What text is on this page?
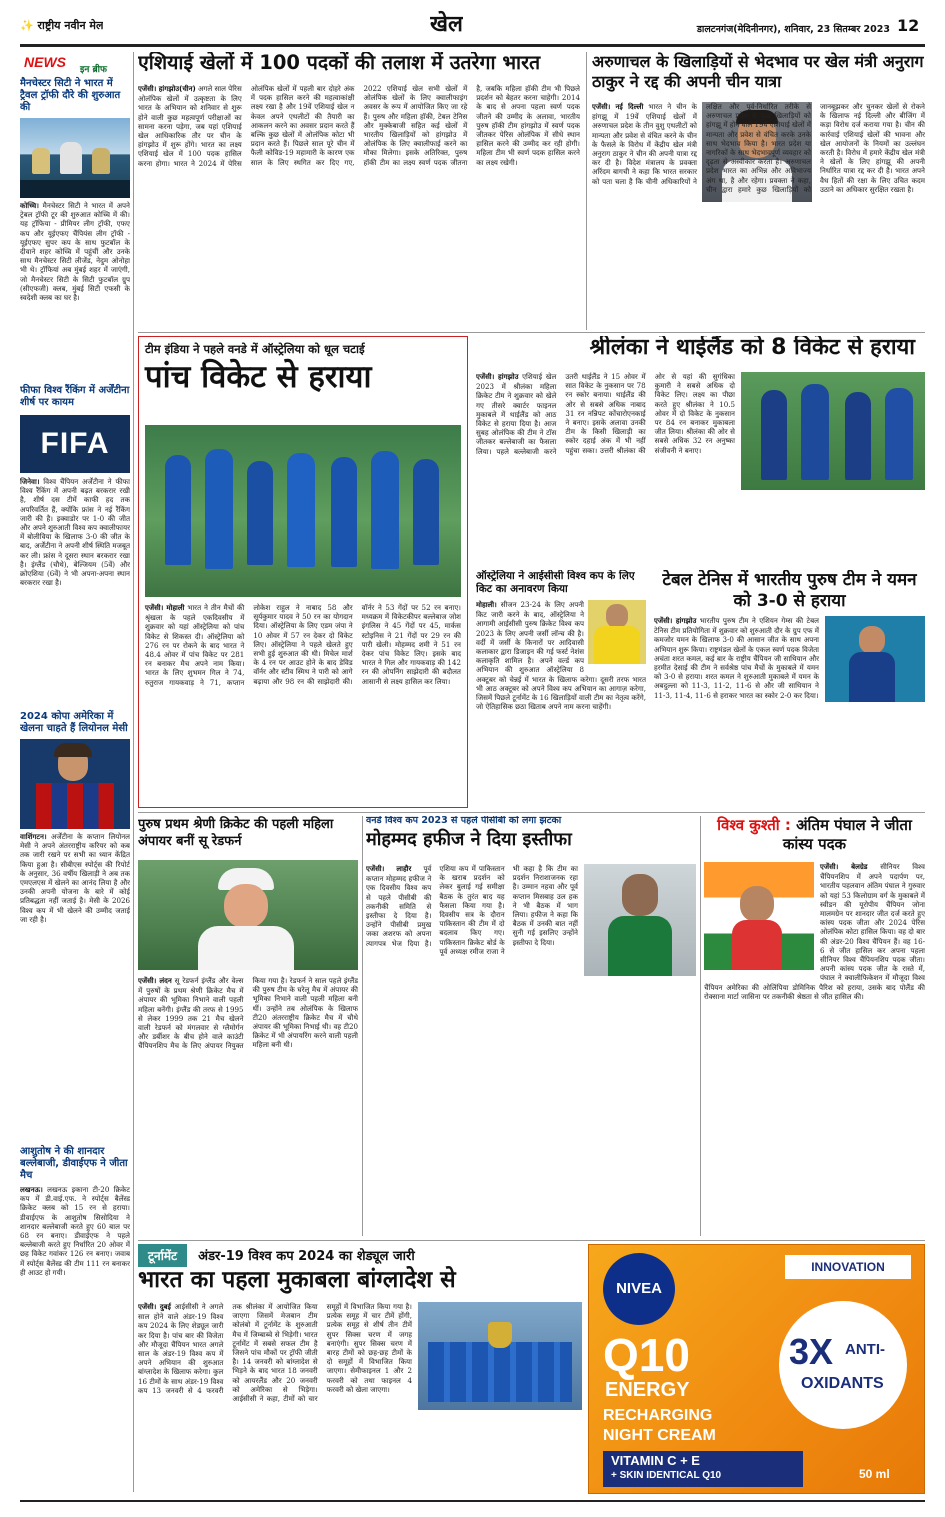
✨ राष्ट्रीय नवीन मेल	खेल	डालटनगंज(मेदिनीनगर), शनिवार, 23 सितम्बर 2023 12
NEWS इन ब्रीफ
मैनचेस्टर सिटी ने भारत में ट्रैवल ट्रॉफी दौरे की शुरुआत की
कोच्चि। मैनचेस्टर सिटी ने भारत में अपने ट्रेबल ट्रॉफी टूर की शुरुआत कोच्चि में की। यह ट्रॉफिया - प्रीमियर लीग ट्रॉफी, एफए कप और यूईएफए चैंपियंस लीग ट्रॉफी - यूईएफए सुपर कप के साथ फुटबॉल के दीवाने शहर कोच्चि में पहुंचीं और उनके साथ मैनचेस्टर सिटी लीजेंड, नेदुम ओनोहा भी थे। ट्रॉफियां अब मुंबई शहर में जाएंगी, जो मैनचेस्टर सिटी के सिटी फुटबॉल ग्रुप (सीएफजी) क्लब, मुंबई सिटी एफसी के स्वदेशी क्लब का घर है।
फीफा विश्व रैंकिंग में अर्जेंटीना शीर्ष पर कायम
FIFA
जिनेवा। विश्व चैंपियन अर्जेंटीना ने फीफा विश्व रैंकिंग में अपनी बढ़त बरकरार रखी है, शीर्ष दस टीमें काफी हद तक अपरिवर्तित हैं, क्योंकि फ्रांस ने नई रैंकिंग जारी की है। इक्वाडोर पर 1-0 की जीत और अपने शुरुआती विश्व कप क्वालीफायर में बोलीविया के खिलाफ 3-0 की जीत के बाद, अर्जेंटीना ने अपनी शीर्ष स्थिति मजबूत कर ली। फ्रांस ने दूसरा स्थान बरकरार रखा है। इंग्लैंड (चौथे), बेल्जियम (5वें) और क्रोएशिया (6वें) ने भी अपना-अपना स्थान बरकरार रखा है।
2024 कोपा अमेरिका में खेलना चाहते हैं लियोनल मेसी
वाशिंगटन। अर्जेंटीना के कप्तान लियोनल मेसी ने अपने अंतरराष्ट्रीय करियर को कब तक जारी रखने पर सभी का ध्यान केंद्रित किया हुआ है। सीबीएस स्पोर्ट्स की रिपोर्ट के अनुसार, 36 वर्षीय खिलाड़ी ने अब तक एमएलएस में खेलने का आनंद लिया है और उनकी अपनी योजना के बारे में कोई प्रतिबद्धता नहीं जताई है। मेसी के 2026 विश्व कप में भी खेलने की उम्मीद जताई जा रही है।
आशुतोष ने की शानदार बल्लेबाजी, डीवाईएफ ने जीता मैच
लखनऊ। लखनऊ इकाना टी-20 क्रिकेट कप में डी.वाई.एफ. ने स्पोर्ट्स बैलेंस्ड क्रिकेट क्लब को 15 रन से हराया। डीवाईएफ के आशुतोष सिसोदिया ने शानदार बल्लेबाजी करते हुए 60 बाल पर 68 रन बनाए। डीवाईएफ ने पहले बल्लेबाजी करते हुए निर्धारित 20 ओवर में छह विकेट गवांकर 126 रन बनाए। जवाब में स्पोर्ट्स बैलेंस्ड की टीम 111 रन बनाकर ही आउट हो गयी।
एशियाई खेलों में 100 पदकों की तलाश में उतरेगा भारत
एजेंसी। हांगझोउ(चीन) अगले साल पेरिस ओलंपिक खेलों में उत्कृष्टता के लिए भारत के अभियान को शनिवार से शुरू होने वाली कुछ महत्वपूर्ण परीक्षाओं का सामना करना पड़ेगा, जब यहां एशियाई खेल आधिकारिक तौर पर चीन के हांगझोउ में शुरू होंगे। भारत का लक्ष्य एशियाई खेल में 100 पदक हासिल करना होगा। भारत ने 2024 में पेरिस ओलंपिक खेलों में पहली बार दोहरे अंक में पदक हासिल करने की महत्वाकांक्षी लक्ष्य रखा है और 19वें एशियाई खेल न केवल अपने एथलीटों की तैयारी का आकलन करने का अवसर प्रदान करते हैं बल्कि कुछ खेलों में ओलंपिक कोटा भी प्रदान करते हैं। पिछले साल पूरे चीन में फैली कोविड-19 महामारी के कारण एक साल के लिए स्थगित कर दिए गए, 2022 एशियाई खेल सभी खेलों में ओलंपिक खेलों के लिए क्वालीफाइंग अवसर के रूप में आयोजित किए जा रहे हैं। पुरुष और महिला हॉकी, टेबल टेनिस और मुक्केबाजी सहित कई खेलों में भारतीय खिलाड़ियों को हांगझोउ में ओलंपिक के लिए क्वालीफाई करने का मौका मिलेगा। इसके अतिरिक्त, पुरुष हॉकी टीम का लक्ष्य स्वर्ण पदक जीतना है, जबकि महिला हॉकी टीम भी पिछले प्रदर्शन को बेहतर करना चाहेगी। 2014 के बाद से अपना पहला स्वर्ण पदक जीतने की उम्मीद के अलावा, भारतीय पुरुष हॉकी टीम हांगझोउ में स्वर्ण पदक जीतकर पेरिस ओलंपिक में सीधे स्थान हासिल करने की उम्मीद कर रही होगी। महिला टीम भी स्वर्ण पदक हासिल करने का लक्ष्य रखेगी।
अरुणाचल के खिलाड़ियों से भेदभाव पर खेल मंत्री अनुराग ठाकुर ने रद्द की अपनी चीन यात्रा
एजेंसी। नई दिल्ली भारत ने चीन के हांगझू में 19वें एशियाई खेलों में अरुणाचल प्रदेश के तीन वुशु एथलीटों को मान्यता और प्रवेश से वंचित करने के चीन के फैसले के विरोध में केंद्रीय खेल मंत्री अनुराग ठाकुर ने चीन की अपनी यात्रा रद्द कर दी है। विदेश मंत्रालय के प्रवक्ता अरिंदम बागची ने कहा कि भारत सरकार को पता चला है कि चीनी अधिकारियों ने लक्षित और पूर्व-निर्धारित तरीके से अरुणाचल प्रदेश के कुछ खिलाड़ियों को हांगझू में होने वाले 19वें एशियाई खेलों में मान्यता और प्रवेश से वंचित करके उनके साथ भेदभाव किया है। भारत प्रदेश या नागरिकों के साथ भेदभावपूर्ण व्यवहार को दृढ़ता से अस्वीकार करता है। अरुणाचल प्रदेश भारत का अभिन्न और अविभाज्य अंग था, है और रहेगा। प्रवक्ता ने कहा, चीन द्वारा हमारे कुछ खिलाड़ियों को जानबूझकर और चुनकर खेलों से रोकने के खिलाफ नई दिल्ली और बीजिंग में कड़ा विरोध दर्ज कराया गया है। चीन की कार्रवाई एशियाई खेलों की भावना और खेल आयोजनों के नियमों का उल्लंघन करती है। विरोध में हमारे केंद्रीय खेल मंत्री ने खेलों के लिए हांगझू की अपनी निर्धारित यात्रा रद्द कर दी है। भारत अपने वैध हितों की रक्षा के लिए उचित कदम उठाने का अधिकार सुरक्षित रखता है।
टीम इंडिया ने पहले वनडे में ऑस्ट्रेलिया को धूल चटाई
पांच विकेट से हराया
एजेंसी। मोहाली भारत ने तीन मैचों की श्रृंखला के पहले एकदिवसीय में शुक्रवार को यहां ऑस्ट्रेलिया को पांच विकेट से शिकस्त दी। ऑस्ट्रेलिया को 276 रन पर रोकने के बाद भारत ने 48.4 ओवर में पांच विकेट पर 281 रन बनाकर मैच अपने नाम किया। भारत के लिए शुभमन गिल ने 74, रुतुराज गायकवाड़ ने 71, कप्तान लोकेश राहुल ने नाबाद 58 और सूर्यकुमार यादव ने 50 रन का योगदान दिया। ऑस्ट्रेलिया के लिए एडम जंपा ने 10 ओवर में 57 रन देकर दो विकेट लिए। ऑस्ट्रेलिया ने पहले खेलते हुए सभी हुई शुरुआत की थी। मिचेल मार्श के 4 रन पर आउट होने के बाद डेविड वॉर्नर और स्टीव स्मिथ ने पारी को आगे बढ़ाया और 98 रन की साझेदारी की। वॉर्नर ने 53 गेंदों पर 52 रन बनाए। मध्यक्रम में विकेटकीपर बल्लेबाज जोश इंगलिस ने 45 गेंदों पर 45, मार्कस स्टोइनिस ने 21 गेंदों पर 29 रन की पारी खेली। मोहम्मद शमी ने 51 रन देकर पांच विकेट लिए। इसके बाद भारत ने गिल और गायकवाड़ की 142 रन की ओपनिंग साझेदारी की बदौलत आसानी से लक्ष्य हासिल कर लिया।
श्रीलंका ने थाईलैंड को 8 विकेट से हराया
एजेंसी। हांगझोउ एशियाई खेल 2023 में श्रीलंका महिला क्रिकेट टीम ने शुक्रवार को खेले गए तीसरे क्वार्टर फाइनल मुकाबले में थाईलैंड को आठ विकेट से हराया दिया है। आज सुबह ओलंपिक की टीम ने टॉस जीतकर बल्लेबाजी का फैसला लिया। पहले बल्लेबाजी करने उतरी थाईलैंड ने 15 ओवर में सात विकेट के नुकसान पर 78 रन स्कोर बनाया। थाईलैंड की ओर से सबसे अधिक नाबाद 31 रन नन्निपट कोंचारोएनकाई ने बनाए। इसके अलावा उनकी टीम के किसी खिलाड़ी का स्कोर दहाई अंक में भी नहीं पहुंचा सका। उत्तरी श्रीलंका की ओर से यहां की सुगंधिका कुमारी ने सबसे अधिक दो विकेट लिए। लक्ष्य का पीछा करते हुए श्रीलंका ने 10.5 ओवर में दो विकेट के नुकसान पर 84 रन बनाकर मुकाबला जीत लिया। श्रीलंका की ओर से सबसे अधिक 32 रन अनुष्का संजीवनी ने बनाए।
ऑस्ट्रेलिया ने आईसीसी विश्व कप के लिए किट का अनावरण किया
मोहाली। सीजन 23-24 के लिए अपनी किट जारी करने के बाद, ऑस्ट्रेलिया ने आगामी आईसीसी पुरुष क्रिकेट विश्व कप 2023 के लिए अपनी जर्सी लॉन्च की है। वर्दी में जर्सी के किनारों पर आदिवासी कलाकार द्वारा डिजाइन की गई फर्स्ट नेशंस कलाकृति शामिल है। अपने वर्ल्ड कप अभियान की शुरुआत ऑस्ट्रेलिया 8 अक्टूबर को चेन्नई में भारत के खिलाफ करेगा। दूसरी तरफ भारत भी आठ अक्टूबर को अपने विश्व कप अभियान का आगाज़ करेगा, जिसमें पिछले टूर्नामेंट के 16 खिलाड़ियों वाली टीम का नेतृत्व करेंगे, जो ऐतिहासिक छठा खिताब अपने नाम करना चाहेंगी।
टेबल टेनिस में भारतीय पुरुष टीम ने यमन को 3-0 से हराया
एजेंसी। हांगझोउ भारतीय पुरुष टीम ने एशियन गेम्स की टेबल टेनिस टीम प्रतियोगिता में शुक्रवार को शुरुआती दौर के ग्रुप एफ में कमजोर यमन के खिलाफ 3-0 की आसान जीत के साथ अपना अभियान शुरू किया। राष्ट्रमंडल खेलों के एकल स्वर्ण पदक विजेता अचंता शरत कमल, कई बार के राष्ट्रीय चैंपियन जी साथियान और हरमीत देसाई की टीम ने सर्वश्रेष्ठ पांच मैचों के मुकाबले में यमन को 3-0 से हराया। शरत कमल ने शुरुआती मुकाबले में यमन के अबदुल्ला को 11-3, 11-2, 11-6 से और जी साथियान ने 11-3, 11-4, 11-6 से हराकर भारत का स्कोर 2-0 कर दिया।
पुरुष प्रथम श्रेणी क्रिकेट की पहली महिला अंपायर बनीं सू रेडफर्न
एजेंसी। लंदन सू रेडफर्न इंग्लैंड और वेल्स में पुरुषों के प्रथम श्रेणी क्रिकेट मैच में अंपायर की भूमिका निभाने वाली पहली महिला बनेंगी। इंग्लैंड की तरफ से 1995 से लेकर 1999 तक 21 मैच खेलने वाली रेडफर्न को मंगलवार से ग्लैमोर्गन और डर्बीशर के बीच होने वाले काउंटी चैंपियनशिप मैच के लिए अंपायर नियुक्त किया गया है। रेडफर्न ने साल पहले इंग्लैंड की पुरुष टीम के घरेलू मैच में अंपायर की भूमिका निभाने वाली पहली महिला बनी थीं। उन्होंने तब ओलंपिक के खिलाफ टी20 अंतरराष्ट्रीय क्रिकेट मैच में चौथे अंपायर की भूमिका निभाई थी। वह टी20 क्रिकेट में भी अंपायरिंग करने वाली पहली महिला बनी थी।
वनडे विश्व कप 2023 से पहले पीसीबी को लगा झटका
मोहम्मद हफीज ने दिया इस्तीफा
एजेंसी। लाहौर पूर्व कप्तान मोहम्मद हफीज ने एक दिवसीय विश्व कप से पहले पीसीबी की तकनीकी समिति से इस्तीफा दे दिया है। उन्होंने पीसीबी प्रमुख जका अशरफ को अपना त्यागपत्र भेज दिया है। एशिया कप में पाकिस्तान के खराब प्रदर्शन को लेकर बुलाई गई समीक्षा बैठक के तुरंत बाद यह फैसला किया गया है। दिवसीय सत्र के दौरान पाकिस्तान की टीम में दो बदलाव किए गए। पाकिस्तान क्रिकेट बोर्ड के पूर्व अध्यक्ष रमीज राजा ने भी कहा है कि टीम का प्रदर्शन निराशाजनक रहा है। उम्मान नहवा और पूर्व कप्तान मिसबाह उल हक ने भी बैठक में भाग लिया। हफीज ने कहा कि बैठक में उनकी बात नहीं सुनी गई इसलिए उन्होंने इस्तीफा दे दिया।
विश्व कुश्ती : अंतिम पंघाल ने जीता कांस्य पदक
एजेंसी। बेलग्रेड सीनियर विश्व चैंपियनशिप में अपने पदार्पण पर, भारतीय पहलवान अंतिम पंघाल ने गुरुवार को यहां 53 किलोग्राम वर्ग के मुकाबले में स्वीडन की यूरोपीय चैंपियन जोना मालमग्रेन पर शानदार जीत दर्ज करते हुए कांस्य पदक जीता और 2024 पेरिस ओलंपिक कोटा हासिल किया। वह दो बार की अंडर-20 विश्व चैंपियन हैं। वह 16-6 से जीत हासिल कर अपना पहला सीनियर विश्व चैंपियनशिप पदक जीता। अपनी कांस्य पदक जीत के रास्ते में, पंघाल ने क्वालीफिकेशन में मौजूदा विश्व चैंपियन अमेरिका की ओलिंपिया डोमिनिक पैरिश को हराया, उसके बाद पोलैंड की रोक्साना मार्टा जासिना पर तकनीकी श्रेष्ठता से जीत हासिल की।
टूर्नामेंट अंडर-19 विश्व कप 2024 का शेड्यूल जारी
भारत का पहला मुकाबला बांग्लादेश से
एजेंसी। दुबई आईसीसी ने अगले साल होने वाले अंडर-19 विश्व कप 2024 के लिए शेड्यूल जारी कर दिया है। पांच बार की विजेता और मौजूदा चैंपियन भारत अगले साल के अंडर-19 विश्व कप में अपने अभियान की शुरुआत बांग्लादेश के खिलाफ करेगा। कुल 16 टीमों के साथ अंडर-19 विश्व कप 13 जनवरी से 4 फरवरी तक श्रीलंका में आयोजित किया जाएगा जिसमें मेजबान टीम कोलंबो में टूर्नामेंट के शुरुआती मैच में जिम्बाब्वे से भिड़ेगी। भारत टूर्नामेंट में सबसे सफल टीम है जिसने पांच मौकों पर ट्रॉफी जीती है। 14 जनवरी को बांग्लादेश से भिड़ने के बाद भारत 18 जनवरी को आयरलैंड और 20 जनवरी को अमेरिका से भिड़ेगा। आईसीसी ने कहा, टीमों को चार समूहों में विभाजित किया गया है। प्रत्येक समूह में चार टीमें होंगी, प्रत्येक समूह से शीर्ष तीन टीमें सुपर सिक्स चरण में जगह बनाएंगी। सुपर सिक्स चरण में बारह टीमों को छह-छह टीमों के दो समूहों में विभाजित किया जाएगा। सेमीफाइनल 1 और 2 फरवरी को तथा फाइनल 4 फरवरी को खेला जाएगा।
INNOVATION
NIVEA
Q10
ENERGY
3X ANTI-
OXIDANTS
RECHARGING
NIGHT CREAM
VITAMIN C + E
+ SKIN IDENTICAL Q10	50 ml
